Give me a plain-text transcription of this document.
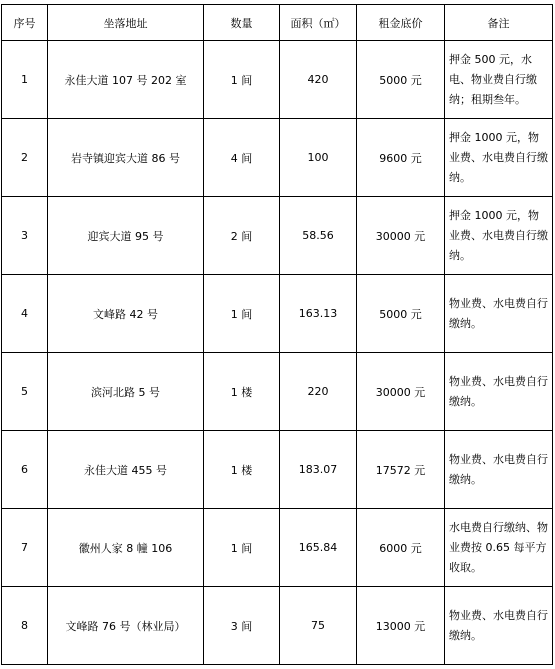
序号	坐落地址	数量	面积（㎡）	租金底价	备注
1	永佳大道 107 号 202 室	1 间	420	5000 元	押金 500 元，水电、物业费自行缴纳；租期叁年。
2	岩寺镇迎宾大道 86 号	4 间	100	9600 元	押金 1000 元，物业费、水电费自行缴纳。
3	迎宾大道 95 号	2 间	58.56	30000 元	押金 1000 元，物业费、水电费自行缴纳。
4	文峰路 42 号	1 间	163.13	5000 元	物业费、水电费自行缴纳。
5	滨河北路 5 号	1 楼	220	30000 元	物业费、水电费自行缴纳。
6	永佳大道 455 号	1 楼	183.07	17572 元	物业费、水电费自行缴纳。
7	徽州人家 8 幢 106	1 间	165.84	6000 元	水电费自行缴纳、物业费按 0.65 每平方收取。
8	文峰路 76 号（林业局）	3 间	75	13000 元	物业费、水电费自行缴纳。
